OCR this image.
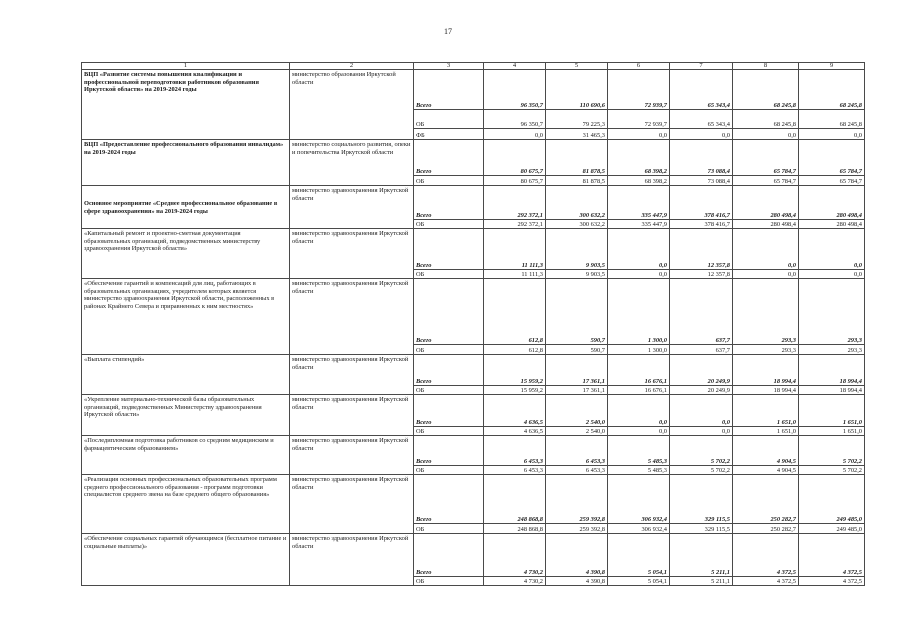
17
1	2	3	4	5	6	7	8	9
ВЦП «Развитие системы повышения квалификации и профессиональной переподготовки работников образования Иркутской области» на 2019-2024 годы	министерство образования Иркутской области							
		Всего	96 350,7	110 690,6	72 939,7	65 343,4	68 245,8	68 245,8
		ОБ	96 350,7	79 225,3	72 939,7	65 343,4	68 245,8	68 245,8
		ФБ	0,0	31 465,3	0,0	0,0	0,0	0,0
ВЦП «Предоставление профессионального образования инвалидам» на 2019-2024 годы	министерство социального развития, опеки и попечительства Иркутской области							
		Всего	80 675,7	81 878,5	68 398,2	73 088,4	65 784,7	65 784,7
		ОБ	80 675,7	81 878,5	68 398,2	73 088,4	65 784,7	65 784,7
Основное мероприятие «Среднее профессиональное образование в сфере здравоохранения» на 2019-2024 годы	министерство здравоохранения Иркутской области							
		Всего	292 372,1	300 632,2	335 447,9	378 416,7	280 498,4	280 498,4
		ОБ	292 372,1	300 632,2	335 447,9	378 416,7	280 498,4	280 498,4
«Капитальный ремонт и проектно-сметная документация образовательных организаций, подведомственных министерству здравоохранения Иркутской области»	министерство здравоохранения Иркутской области							
		Всего	11 111,3	9 903,5	0,0	12 357,8	0,0	0,0
		ОБ	11 111,3	9 903,5	0,0	12 357,8	0,0	0,0
«Обеспечение гарантий и компенсаций для лиц, работающих в образовательных организациях, учредителем которых является министерство здравоохранения Иркутской области, расположенных в районах Крайнего Севера и приравненных к ним местностях»	министерство здравоохранения Иркутской области							
		Всего	612,8	590,7	1 300,0	637,7	293,3	293,3
		ОБ	612,8	590,7	1 300,0	637,7	293,3	293,3
«Выплата стипендий»	министерство здравоохранения Иркутской области							
		Всего	15 959,2	17 361,1	16 676,1	20 249,9	18 994,4	18 994,4
		ОБ	15 959,2	17 361,1	16 676,1	20 249,9	18 994,4	18 994,4
«Укрепление материально-технической базы образовательных организаций, подведомственных Министерству здравоохранения Иркутской области»	министерство здравоохранения Иркутской области							
		Всего	4 636,5	2 540,0	0,0	0,0	1 651,0	1 651,0
		ОБ	4 636,5	2 540,0	0,0	0,0	1 651,0	1 651,0
«Последипломная подготовка работников со средним медицинским и фармацевтическим образованием»	министерство здравоохранения Иркутской области							
		Всего	6 453,3	6 453,3	5 485,3	5 702,2	4 904,5	5 702,2
		ОБ	6 453,3	6 453,3	5 485,3	5 702,2	4 904,5	5 702,2
«Реализация основных профессиональных образовательных программ среднего профессионального образования - программ подготовки специалистов среднего звена на базе среднего общего образования»	министерство здравоохранения Иркутской области							
		Всего	248 868,8	259 392,8	306 932,4	329 115,5	250 282,7	249 485,0
		ОБ	248 868,8	259 392,8	306 932,4	329 115,5	250 282,7	249 485,0
«Обеспечение социальных гарантий обучающимся (бесплатное питание и социальные выплаты)»	министерство здравоохранения Иркутской области							
		Всего	4 730,2	4 390,8	5 054,1	5 211,1	4 372,5	4 372,5
		ОБ	4 730,2	4 390,8	5 054,1	5 211,1	4 372,5	4 372,5
